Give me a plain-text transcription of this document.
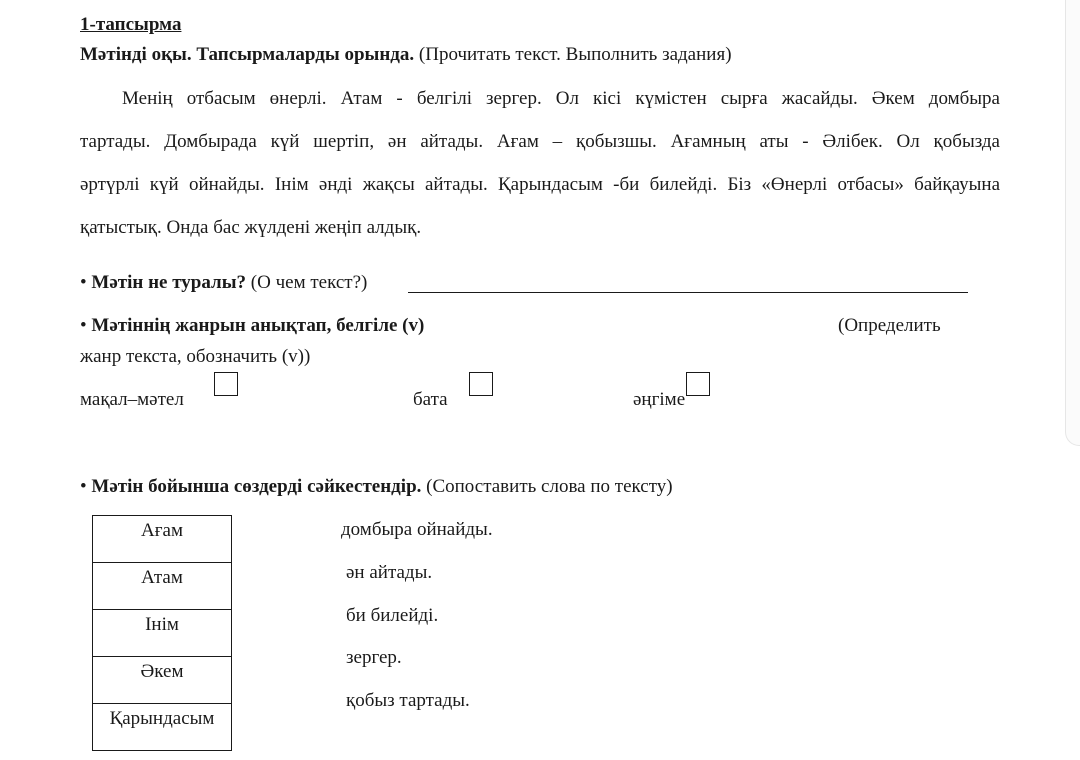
1-тапсырма
Мәтінді оқы. Тапсырмаларды орында. (Прочитать текст. Выполнить задания)
Менің отбасым өнерлі. Атам - белгілі зергер. Ол кісі күмістен сырға жасайды. Әкем домбыра
тартады. Домбырада күй шертіп, ән айтады. Ағам – қобызшы. Ағамның аты - Әлібек. Ол қобызда
әртүрлі күй ойнайды. Інім әнді жақсы айтады. Қарындасым -би билейді. Біз «Өнерлі отбасы» байқауына
қатыстық. Онда бас жүлдені жеңіп алдық.
• Мәтін не туралы? (О чем текст?)
• Мәтіннің жанрын анықтап, белгіле (v)	(Определить
жанр текста, обозначить (v))
мақал–мәтел	бата	әңгіме
• Мәтін бойынша сөздерді сәйкестендір. (Сопоставить слова по тексту)
Ағам
Атам
Інім
Әкем
Қарындасым
домбыра ойнайды.
ән айтады.
би билейді.
зергер.
қобыз тартады.
